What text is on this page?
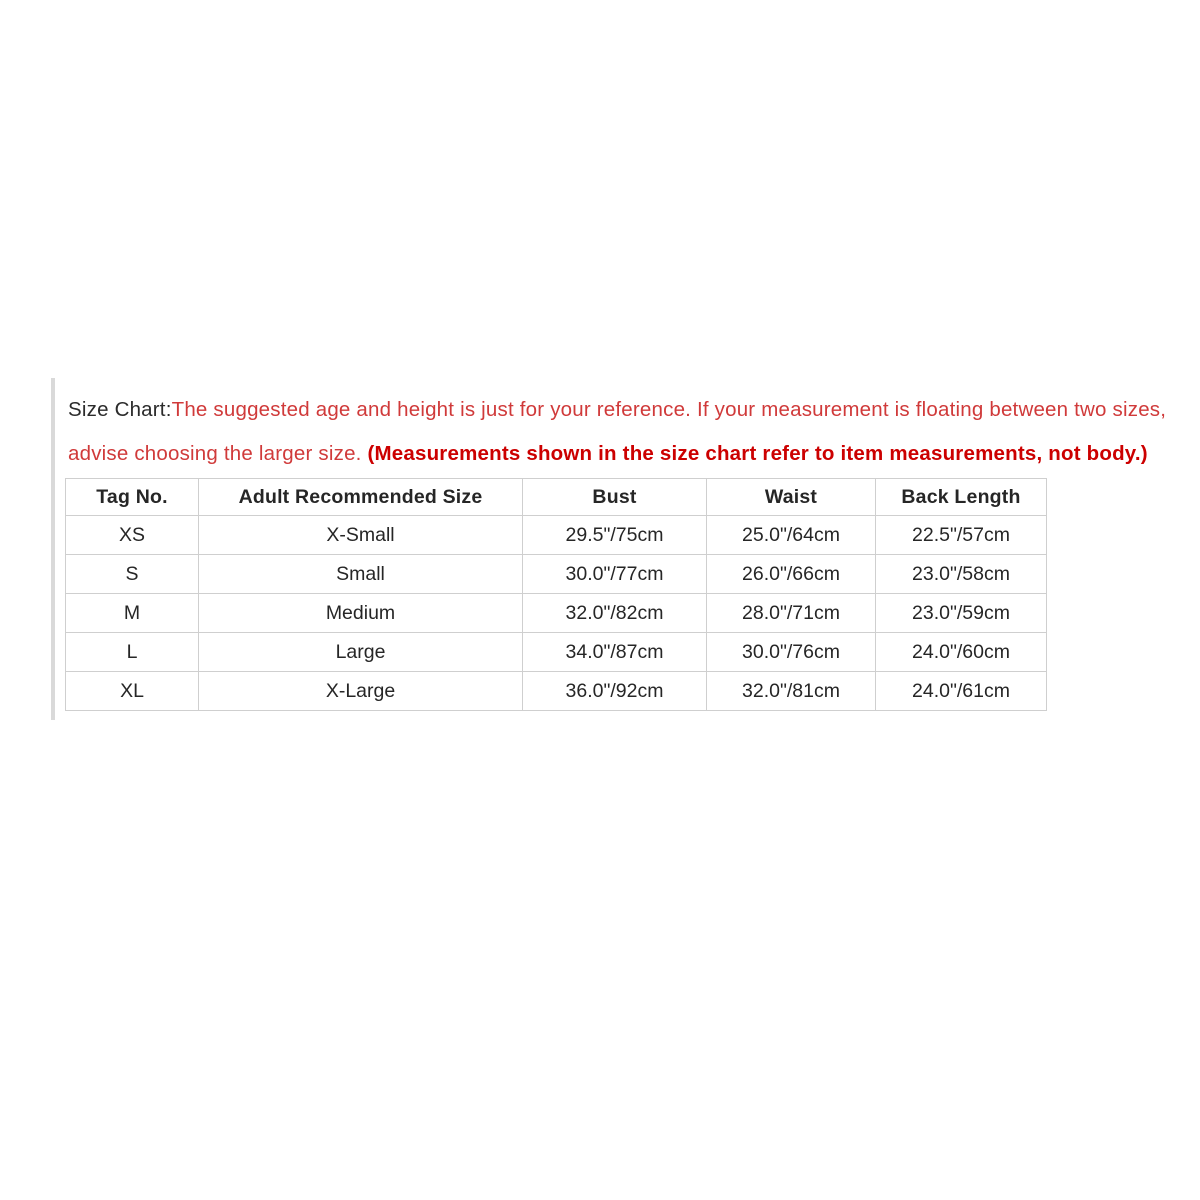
Size Chart:The suggested age and height is just for your reference. If your measurement is floating between two sizes,
advise choosing the larger size. (Measurements shown in the size chart refer to item measurements, not body.)
Tag No.	Adult Recommended Size	Bust	Waist	Back Length
XS	X-Small	29.5"/75cm	25.0"/64cm	22.5"/57cm
S	Small	30.0"/77cm	26.0"/66cm	23.0"/58cm
M	Medium	32.0"/82cm	28.0"/71cm	23.0"/59cm
L	Large	34.0"/87cm	30.0"/76cm	24.0"/60cm
XL	X-Large	36.0"/92cm	32.0"/81cm	24.0"/61cm
